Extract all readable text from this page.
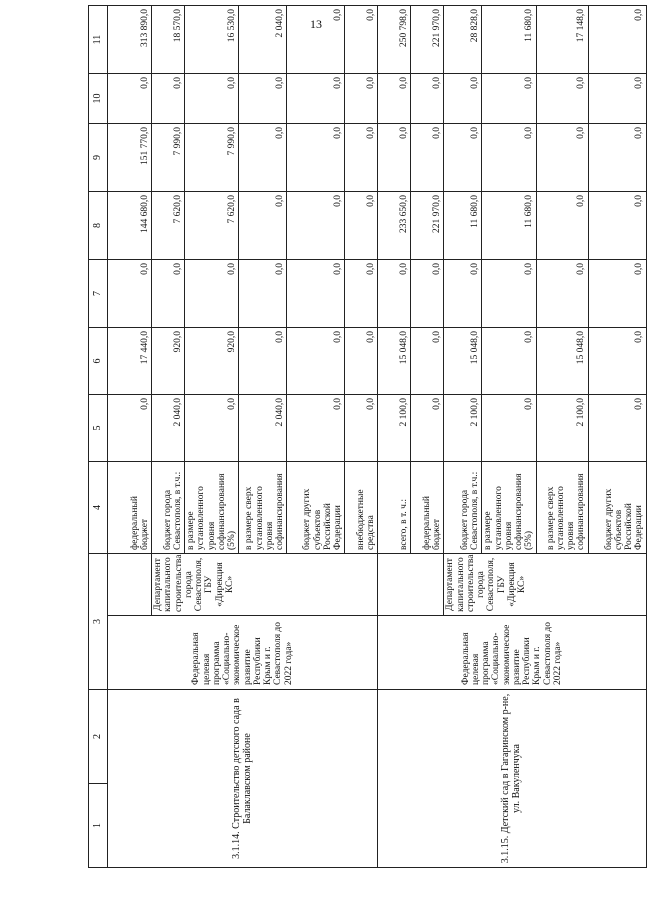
13
1	2	3		4	5	6	7	8	9	10	11
3.1.14. Строительство детского сада в Балаклавском районе		Федеральная целевая программа «Социально-экономическое развитие Республики Крым и г. Севастополя до 2022 года»		федеральный бюджет	0,0	17 440,0	0,0	144 680,0	151 770,0	0,0	313 890,0
			Департамент капитального строительства города Севастополя, ГБУ «Дирекция КС»	бюджет города Севастополя, в т.ч.:	2 040,0	920,0	0,0	7 620,0	7 990,0	0,0	18 570,0
				в размере установленного уровня софинансирования (5%)	0,0	920,0	0,0	7 620,0	7 990,0	0,0	16 530,0
				в размере сверх установленного уровня софинансирования	2 040,0	0,0	0,0	0,0	0,0	0,0	2 040,0
				бюджет других субъектов Российской Федерации	0,0	0,0	0,0	0,0	0,0	0,0	0,0
				внебюджетные средства	0,0	0,0	0,0	0,0	0,0	0,0	0,0
3.1.15. Детский сад в Гагаринском р-не, ул. Вакуленчука		Федеральная целевая программа «Социально-экономическое развитие Республики Крым и г. Севастополя до 2022 года»		всего, в т. ч.:	2 100,0	15 048,0	0,0	233 650,0	0,0	0,0	250 798,0
				федеральный бюджет	0,0	0,0	0,0	221 970,0	0,0	0,0	221 970,0
			Департамент капитального строительства города Севастополя, ГБУ «Дирекция КС»	бюджет города Севастополя, в т.ч.:	2 100,0	15 048,0	0,0	11 680,0	0,0	0,0	28 828,0
				в размере установленного уровня софинансирования (5%)	0,0	0,0	0,0	11 680,0	0,0	0,0	11 680,0
				в размере сверх установленного уровня софинансирования	2 100,0	15 048,0	0,0	0,0	0,0	0,0	17 148,0
				бюджет других субъектов Российской Федерации	0,0	0,0	0,0	0,0	0,0	0,0	0,0
